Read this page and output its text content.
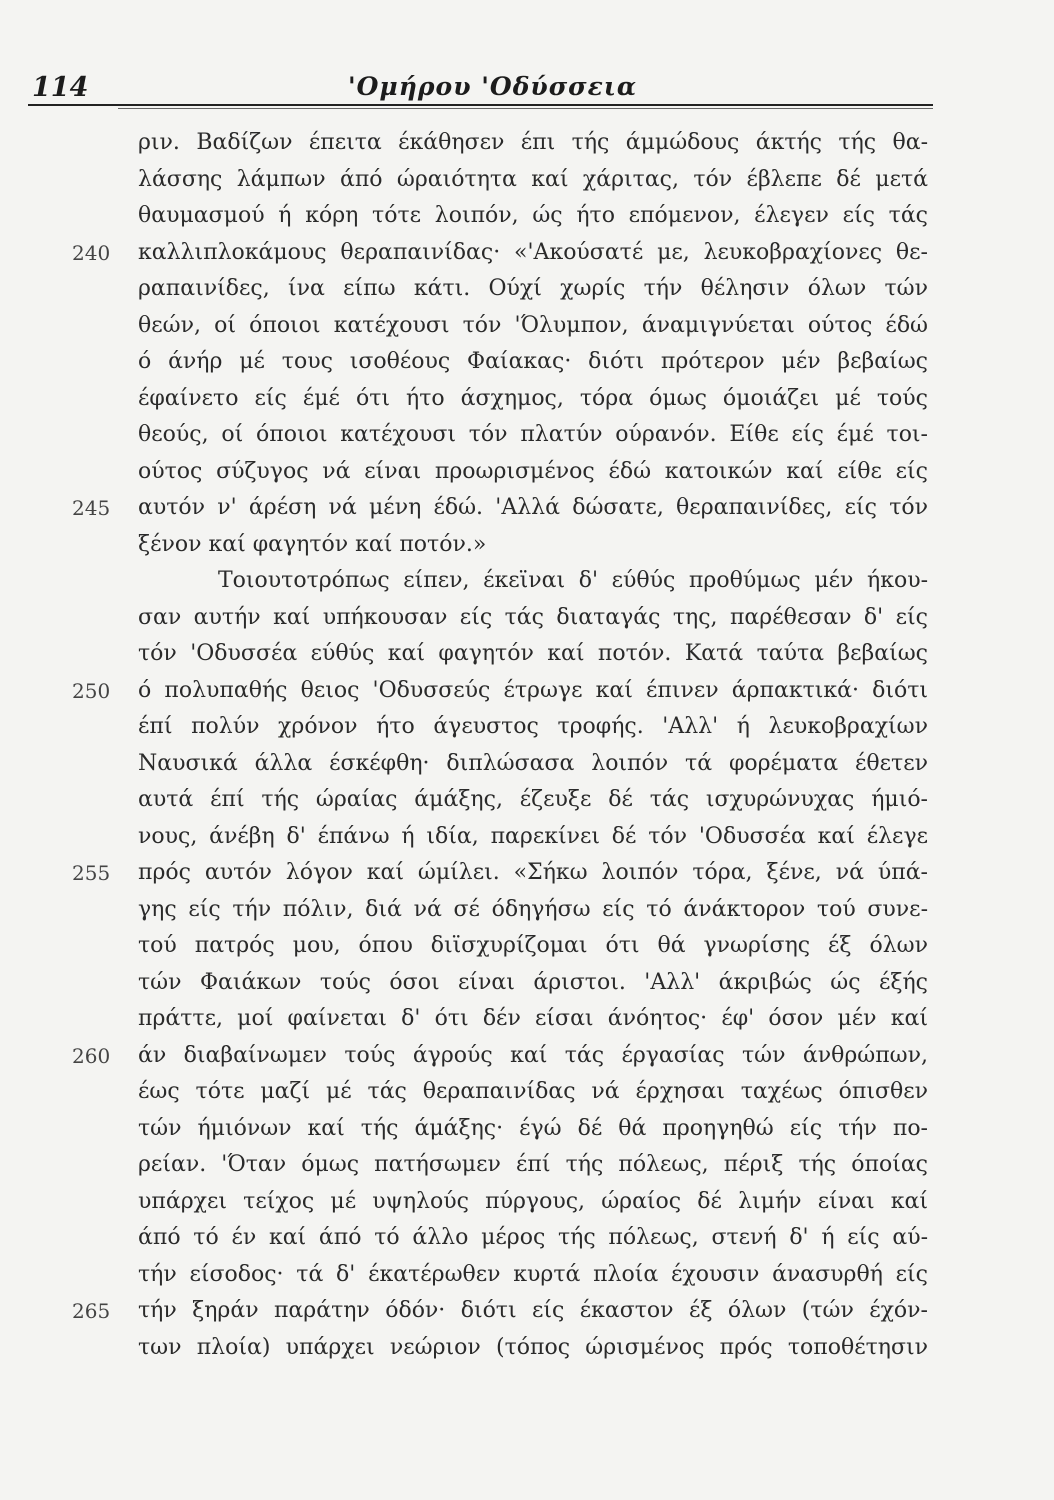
114	'Ομήρου 'Οδύσσεια
ριν. Βαδίζων έπειτα έκάθησεν έπι τής άμμώδους άκτής τής θα-
λάσσης λάμπων άπό ώραιότητα καί χάριτας, τόν έβλεπε δέ μετά
θαυμασμού ή κόρη τότε λοιπόν, ώς ήτο επόμενον, έλεγεν είς τάς
240	καλλιπλοκάμους θεραπαινίδας· «'Ακούσατέ με, λευκοβραχίονες θε-
ραπαινίδες, ίνα είπω κάτι. Ούχί χωρίς τήν θέλησιν όλων τών
θεών, οί όποιοι κατέχουσι τόν 'Όλυμπον, άναμιγνύεται ούτος έδώ
ό άνήρ μέ τους ισοθέους Φαίακας· διότι πρότερον μέν βεβαίως
έφαίνετο είς έμέ ότι ήτο άσχημος, τόρα όμως όμοιάζει μέ τούς
θεούς, οί όποιοι κατέχουσι τόν πλατύν ούρανόν. Είθε είς έμέ τοι-
ούτος σύζυγος νά είναι προωρισμένος έδώ κατοικών καί είθε είς
245	αυτόν ν' άρέση νά μένη έδώ. 'Αλλά δώσατε, θεραπαινίδες, είς τόν
ξένον καί φαγητόν καί ποτόν.»
Τοιουτοτρόπως είπεν, έκεϊναι δ' εύθύς προθύμως μέν ήκου-
σαν αυτήν καί υπήκουσαν είς τάς διαταγάς της, παρέθεσαν δ' είς
τόν 'Οδυσσέα εύθύς καί φαγητόν καί ποτόν. Κατά ταύτα βεβαίως
250	ό πολυπαθής θειος 'Οδυσσεύς έτρωγε καί έπινεν άρπακτικά· διότι
έπί πολύν χρόνον ήτο άγευστος τροφής. 'Αλλ' ή λευκοβραχίων
Ναυσικά άλλα έσκέφθη· διπλώσασα λοιπόν τά φορέματα έθετεν
αυτά έπί τής ώραίας άμάξης, έζευξε δέ τάς ισχυρώνυχας ήμιό-
νους, άνέβη δ' έπάνω ή ιδία, παρεκίνει δέ τόν 'Οδυσσέα καί έλεγε
255	πρός αυτόν λόγον καί ώμίλει. «Σήκω λοιπόν τόρα, ξένε, νά ύπά-
γης είς τήν πόλιν, διά νά σέ όδηγήσω είς τό άνάκτορον τού συνε-
τού πατρός μου, όπου διϊσχυρίζομαι ότι θά γνωρίσης έξ όλων
τών Φαιάκων τούς όσοι είναι άριστοι. 'Αλλ' άκριβώς ώς έξής
πράττε, μοί φαίνεται δ' ότι δέν είσαι άνόητος· έφ' όσον μέν καί
260	άν διαβαίνωμεν τούς άγρούς καί τάς έργασίας τών άνθρώπων,
έως τότε μαζί μέ τάς θεραπαινίδας νά έρχησαι ταχέως όπισθεν
τών ήμιόνων καί τής άμάξης· έγώ δέ θά προηγηθώ είς τήν πο-
ρείαν. 'Όταν όμως πατήσωμεν έπί τής πόλεως, πέριξ τής όποίας
υπάρχει τείχος μέ υψηλούς πύργους, ώραίος δέ λιμήν είναι καί
άπό τό έν καί άπό τό άλλο μέρος τής πόλεως, στενή δ' ή είς αύ-
τήν είσοδος· τά δ' έκατέρωθεν κυρτά πλοία έχουσιν άνασυρθή είς
265	τήν ξηράν παράτην όδόν· διότι είς έκαστον έξ όλων (τών έχόν-
των πλοία) υπάρχει νεώριον (τόπος ώρισμένος πρός τοποθέτησιν
